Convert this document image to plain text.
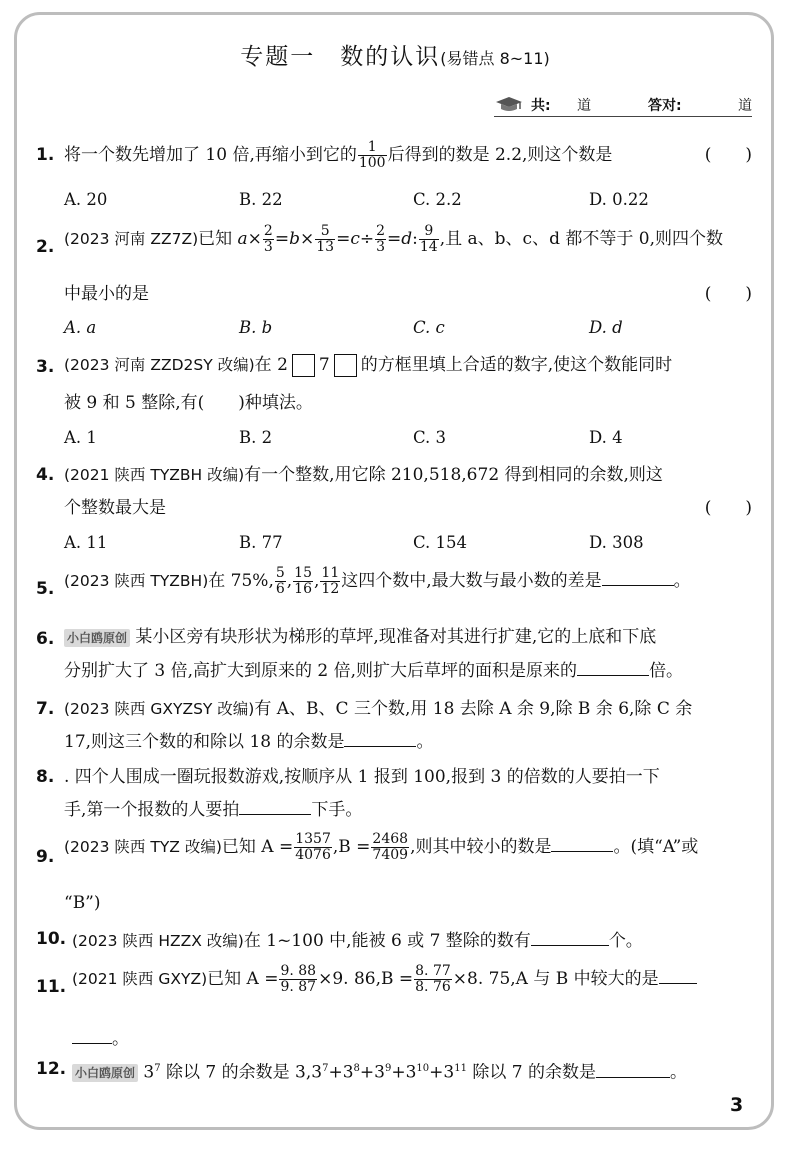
专题一　数的认识(易错点 8~11)
共: 道	答对:	道
1. 将一个数先增加了 10 倍,再缩小到它的 $\frac{1}{100}$ 后得到的数是 2.2,则这个数是	(　　)
A. 20	B. 22	C. 2.2	D. 0.22
2. (2023 河南 ZZ7Z)已知 $a\times \frac{2}{3} =b\times \frac{5}{13} =c\div \frac{2}{3} =d$: $\frac{9}{14}$ ,且 a、b、c、d 都不等于 0,则四个数
中最小的是	(　　)
A. a	B. b	C. c	D. d
3. (2023 河南 ZZD2SY 改编)在 2 7 的方框里填上合适的数字,使这个数能同时
被 9 和 5 整除,有(　　)种填法。
A. 1	B. 2	C. 3	D. 4
4. (2021 陕西 TYZBH 改编)有一个整数,用它除 210,518,672 得到相同的余数,则这
个整数最大是	(　　)
A. 11	B. 77	C. 154	D. 308
5. (2023 陕西 TYZBH)在 75%, $\frac{5}{6}$ , $\frac{15}{16}$ , $\frac{11}{12}$ 这四个数中,最大数与最小数的差是	。
6. 小白鸥原创 某小区旁有块形状为梯形的草坪,现准备对其进行扩建,它的上底和下底
分别扩大了 3 倍,高扩大到原来的 2 倍,则扩大后草坪的面积是原来的	倍。
7. (2023 陕西 GXYZSY 改编)有 A、B、C 三个数,用 18 去除 A 余 9,除 B 余 6,除 C 余
17,则这三个数的和除以 18 的余数是	。
8. . 四个人围成一圈玩报数游戏,按顺序从 1 报到 100,报到 3 的倍数的人要拍一下
手,第一个报数的人要拍	下手。
9. (2023 陕西 TYZ 改编)已知 $A = \frac{1357}{4076} ,B = \frac{2468}{7409}$ ,则其中较小的数是	。(填“A”或
“B”)
10. (2023 陕西 HZZX 改编)在 1~100 中,能被 6 或 7 整除的数有	个。
11. (2021 陕西 GXYZ)已知 $A = \frac{9. 88}{9. 87} \times 9$. $86,B = \frac{8. 77}{8. 76} \times 8$. 75,A 与 B 中较大的是
。
12. 小白鸥原创 $3^7$ 除以 7 的余数是 $3,3^7+3^8+3^9+3^{10}+3^{11}$ 除以 7 的余数是	。
3
